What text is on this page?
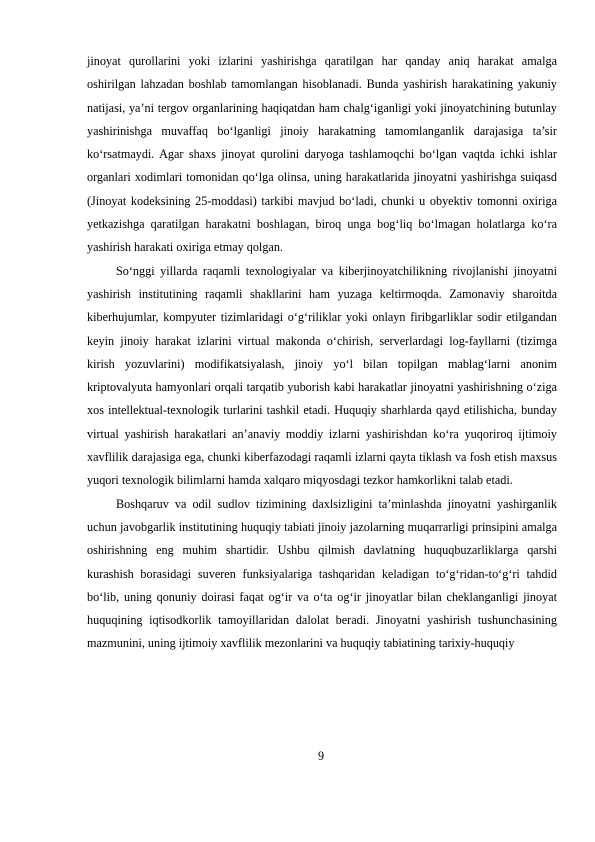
jinoyat qurollarini yoki izlarini yashirishga qaratilgan har qanday aniq harakat amalga oshirilgan lahzadan boshlab tamomlangan hisoblanadi. Bunda yashirish harakatining yakuniy natijasi, ya’ni tergov organlarining haqiqatdan ham chalg‘iganligi yoki jinoyatchining butunlay yashirinishga muvaffaq bo‘lganligi jinoiy harakatning tamomlanganlik darajasiga ta’sir ko‘rsatmaydi. Agar shaxs jinoyat qurolini daryoga tashlamoqchi bo‘lgan vaqtda ichki ishlar organlari xodimlari tomonidan qo‘lga olinsa, uning harakatlarida jinoyatni yashirishga suiqasd (Jinoyat kodeksining 25-moddasi) tarkibi mavjud bo‘ladi, chunki u obyektiv tomonni oxiriga yetkazishga qaratilgan harakatni boshlagan, biroq unga bog‘liq bo‘lmagan holatlarga ko‘ra yashirish harakati oxiriga etmay qolgan.

So‘nggi yillarda raqamli texnologiyalar va kiberjinoyatchilikning rivojlanishi jinoyatni yashirish institutining raqamli shakllarini ham yuzaga keltirmoqda. Zamonaviy sharoitda kiberhujumlar, kompyuter tizimlaridagi o‘g‘riliklar yoki onlayn firibgarliklar sodir etilgandan keyin jinoiy harakat izlarini virtual makonda o‘chirish, serverlardagi log-fayllarni (tizimga kirish yozuvlarini) modifikatsiyalash, jinoiy yo‘l bilan topilgan mablag‘larni anonim kriptovalyuta hamyonlari orqali tarqatib yuborish kabi harakatlar jinoyatni yashirishning o‘ziga xos intellektual-texnologik turlarini tashkil etadi. Huquqiy sharhlarda qayd etilishicha, bunday virtual yashirish harakatlari an’anaviy moddiy izlarni yashirishdan ko‘ra yuqoriroq ijtimoiy xavflilik darajasiga ega, chunki kiberfazodagi raqamli izlarni qayta tiklash va fosh etish maxsus yuqori texnologik bilimlarni hamda xalqaro miqyosdagi tezkor hamkorlikni talab etadi.

Boshqaruv va odil sudlov tizimining daxlsizligini ta’minlashda jinoyatni yashirganlik uchun javobgarlik institutining huquqiy tabiati jinoiy jazolarning muqarrarligi prinsipini amalga oshirishning eng muhim shartidir. Ushbu qilmish davlatning huquqbuzarliklarga qarshi kurashish borasidagi suveren funksiyalariga tashqaridan keladigan to‘g‘ridan-to‘g‘ri tahdid bo‘lib, uning qonuniy doirasi faqat og‘ir va o‘ta og‘ir jinoyatlar bilan cheklanganligi jinoyat huquqining iqtisodkorlik tamoyillaridan dalolat beradi. Jinoyatni yashirish tushunchasining mazmunini, uning ijtimoiy xavflilik mezonlarini va huquqiy tabiatining tarixiy-huquqiy

9
